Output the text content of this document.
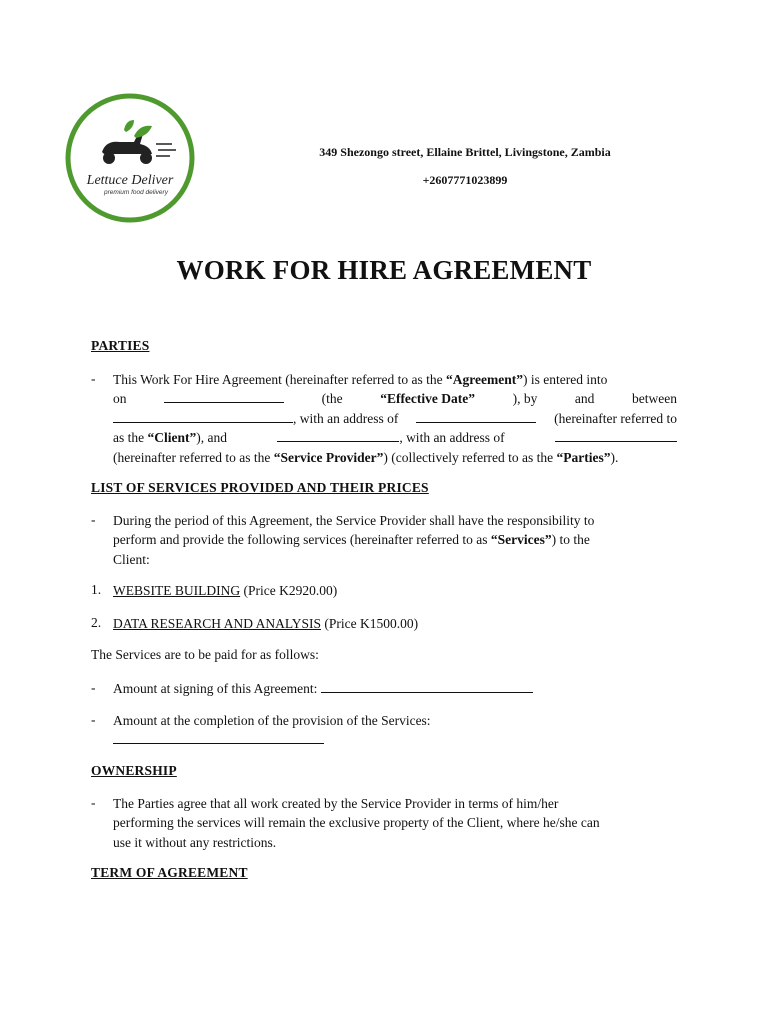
Lettuce Deliver
premium food delivery
349 Shezongo street, Ellaine Brittel, Livingstone, Zambia
+2607771023899
WORK FOR HIRE AGREEMENT
PARTIES
- This Work For Hire Agreement (hereinafter referred to as the “Agreement”) is entered into
on	(the	“Effective Date”	), by	and	between
, with an address of	(hereinafter referred to
as the “Client”), and	, with an address of
(hereinafter referred to as the “Service Provider”) (collectively referred to as the “Parties”).
LIST OF SERVICES PROVIDED AND THEIR PRICES
- During the period of this Agreement, the Service Provider shall have the responsibility to
perform and provide the following services (hereinafter referred to as “Services”) to the
Client:
1. WEBSITE BUILDING (Price K2920.00)
2. DATA RESEARCH AND ANALYSIS (Price K1500.00)
The Services are to be paid for as follows:
- Amount at signing of this Agreement:
- Amount at the completion of the provision of the Services:
OWNERSHIP
- The Parties agree that all work created by the Service Provider in terms of him/her
performing the services will remain the exclusive property of the Client, where he/she can
use it without any restrictions.
TERM OF AGREEMENT
